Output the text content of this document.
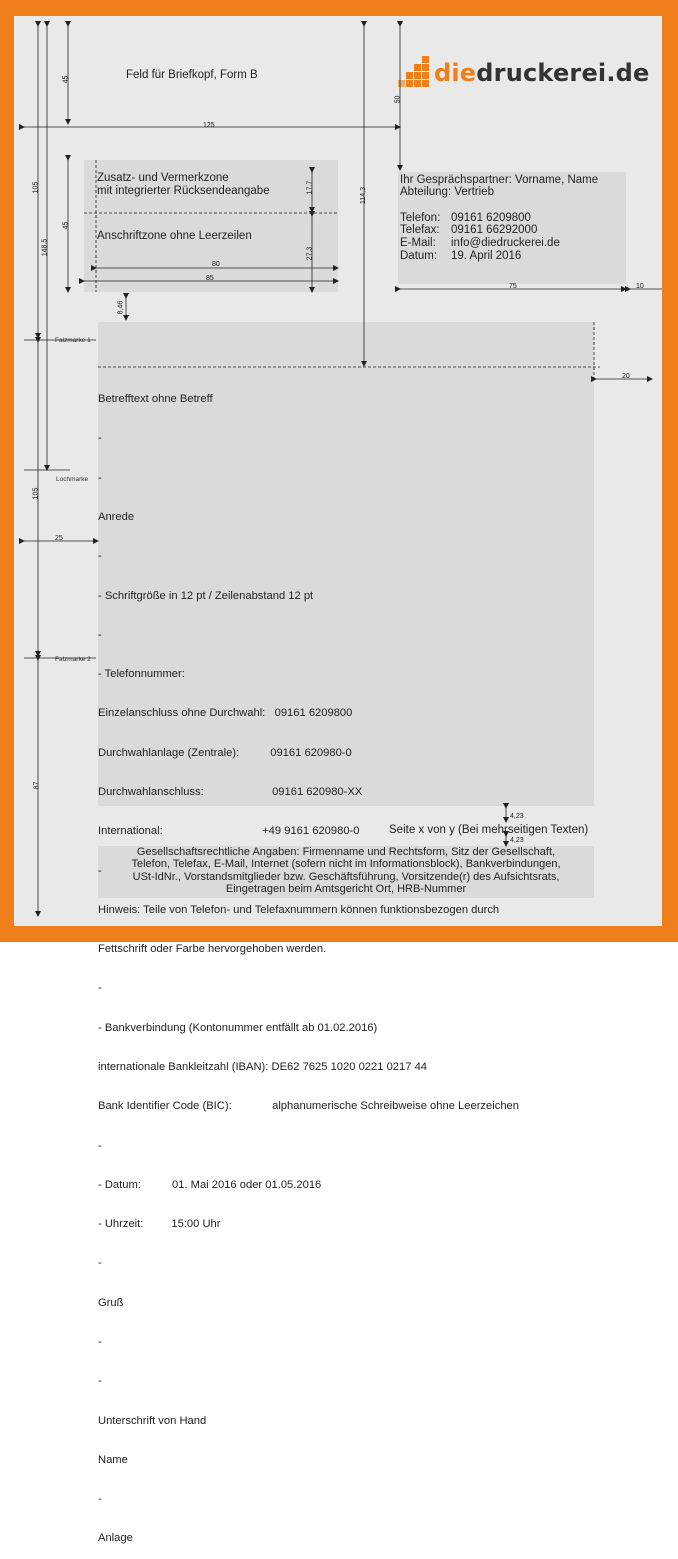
diedruckerei.de
Feld für Briefkopf, Form B
Zusatz- und Vermerkzone
mit integrierter Rücksendeangabe
Anschriftzone ohne Leerzeilen
Ihr Gesprächspartner: Vorname, Name
Abteilung: Vertrieb
Telefon: 09161 6209800
Telefax: 09161 66292000
E-Mail: info@diedruckerei.de
Datum: 19. April 2016

Betrefftext ohne Betreff

-

-

Anrede

-

- Schriftgröße in 12 pt / Zeilenabstand 12 pt

-

- Telefonnummer:

Einzelanschluss ohne Durchwahl:   09161 6209800

Durchwahlanlage (Zentrale):          09161 620980-0

Durchwahlanschluss:                      09161 620980-XX

International:                                +49 9161 620980-0

-

Hinweis: Teile von Telefon- und Telefaxnummern können funktionsbezogen durch

Fettschrift oder Farbe hervorgehoben werden.

-

- Bankverbindung (Kontonummer entfällt ab 01.02.2016)

internationale Bankleitzahl (IBAN): DE62 7625 1020 0221 0217 44

Bank Identifier Code (BIC):             alphanumerische Schreibweise ohne Leerzeichen

-

- Datum:          01. Mai 2016 oder 01.05.2016

- Uhrzeit:         15:00 Uhr

-

Gruß

-

-

Unterschrift von Hand

Name

-

Anlage

Seite x von y (Bei mehrseitigen Texten)
Gesellschaftsrechtliche Angaben: Firmenname und Rechtsform, Sitz der Gesellschaft,
Telefon, Telefax, E-Mail, Internet (sofern nicht im Informationsblock), Bankverbindungen,
USt-IdNr., Vorstandsmitglieder bzw. Geschäftsführung, Vorsitzende(r) des Aufsichtsrats,
Eingetragen beim Amtsgericht Ort, HRB-Nummer
Falzmarke 1
Lochmarke
Falzmarke 2
45
50
125
105
148,5
45
17,7	114,3
27,3
80
85
8,46
75	10
20
25
105
87
4,23
4,23
